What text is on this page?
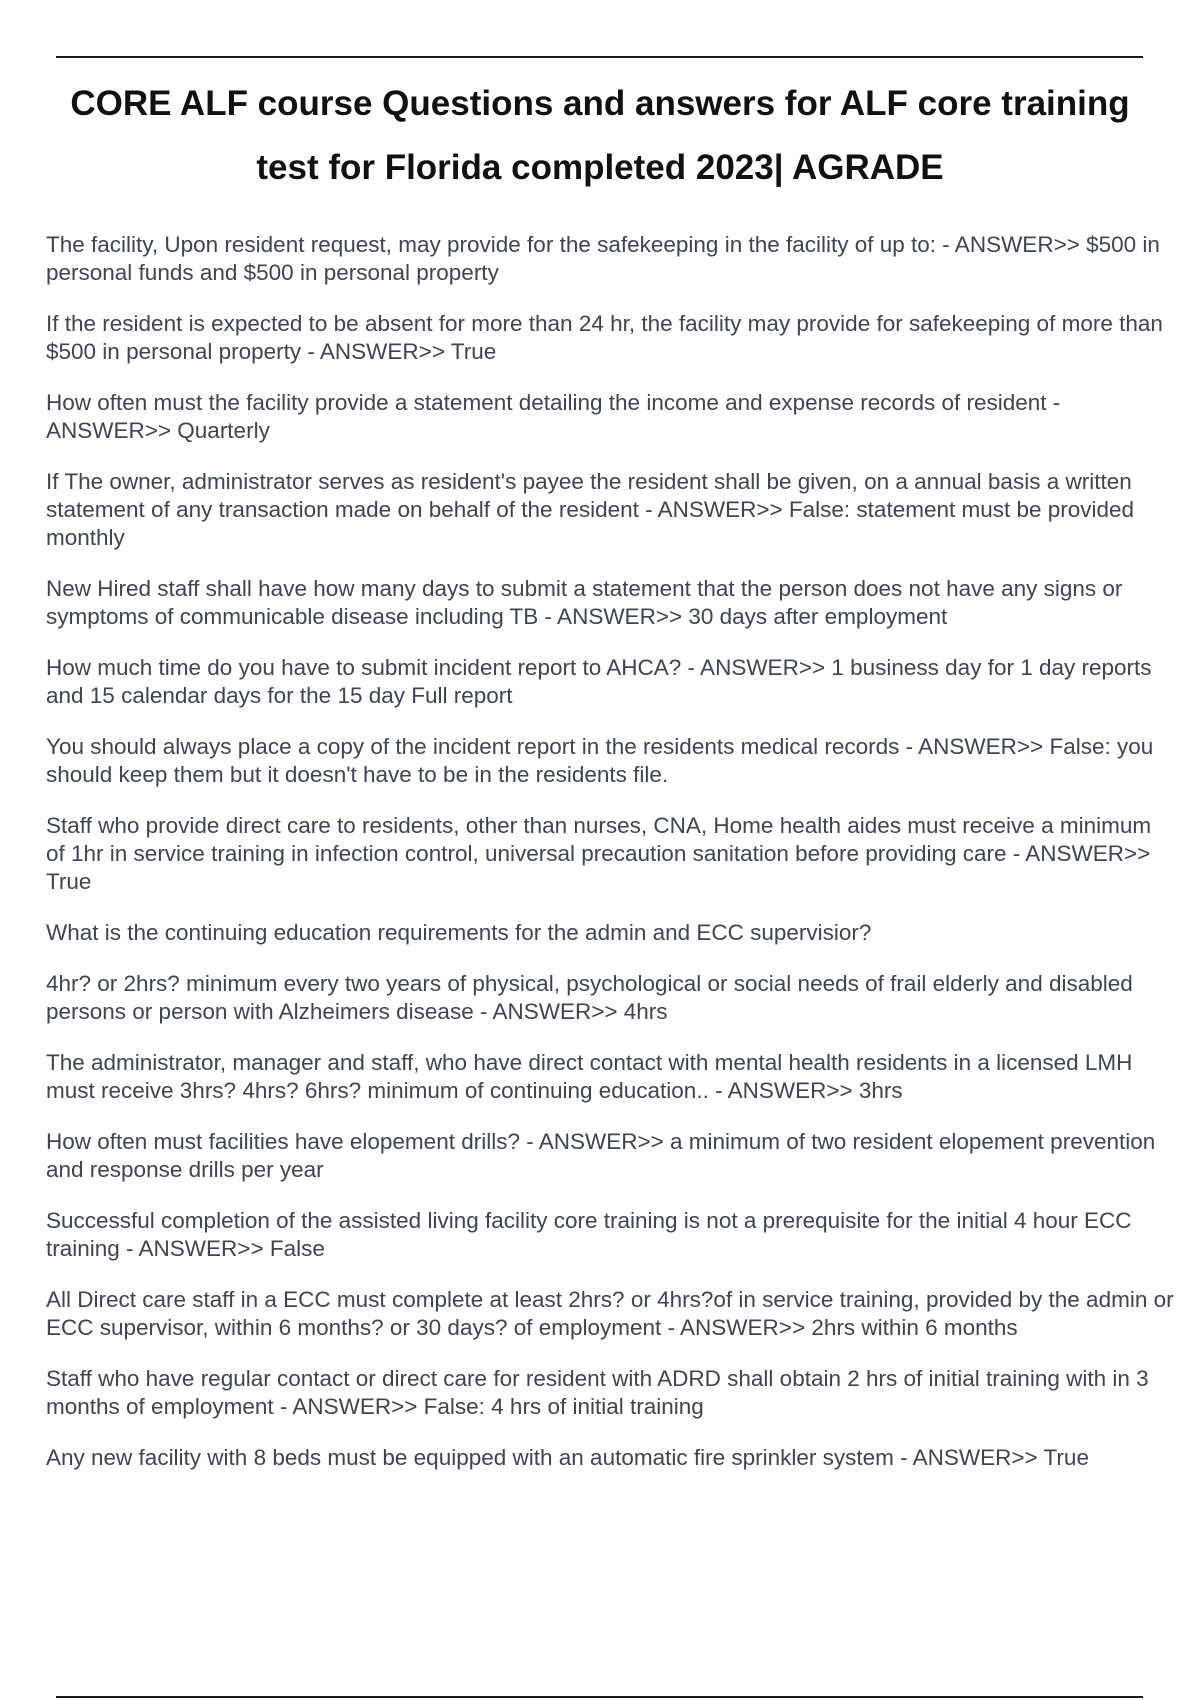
CORE ALF course Questions and answers for ALF core training test for Florida completed 2023| AGRADE
The facility, Upon resident request, may provide for the safekeeping in the facility of up to: - ANSWER>> $500 in personal funds and $500 in personal property
If the resident is expected to be absent for more than 24 hr, the facility may provide for safekeeping of more than $500 in personal property - ANSWER>> True
How often must the facility provide a statement detailing the income and expense records of resident - ANSWER>> Quarterly
If The owner, administrator serves as resident's payee the resident shall be given, on a annual basis a written statement of any transaction made on behalf of the resident - ANSWER>> False: statement must be provided monthly
New Hired staff shall have how many days to submit a statement that the person does not have any signs or symptoms of communicable disease including TB - ANSWER>> 30 days after employment
How much time do you have to submit incident report to AHCA? - ANSWER>> 1 business day for 1 day reports and 15 calendar days for the 15 day Full report
You should always place a copy of the incident report in the residents medical records - ANSWER>> False: you should keep them but it doesn't have to be in the residents file.
Staff who provide direct care to residents, other than nurses, CNA, Home health aides must receive a minimum of 1hr in service training in infection control, universal precaution sanitation before providing care - ANSWER>> True
What is the continuing education requirements for the admin and ECC supervisior?
4hr? or 2hrs? minimum every two years of physical, psychological or social needs of frail elderly and disabled persons or person with Alzheimers disease - ANSWER>> 4hrs
The administrator, manager and staff, who have direct contact with mental health residents in a licensed LMH must receive 3hrs? 4hrs? 6hrs? minimum of continuing education.. - ANSWER>> 3hrs
How often must facilities have elopement drills? - ANSWER>> a minimum of two resident elopement prevention and response drills per year
Successful completion of the assisted living facility core training is not a prerequisite for the initial 4 hour ECC training - ANSWER>> False
All Direct care staff in a ECC must complete at least 2hrs? or 4hrs?of in service training, provided by the admin or ECC supervisor, within 6 months? or 30 days? of employment - ANSWER>> 2hrs within 6 months
Staff who have regular contact or direct care for resident with ADRD shall obtain 2 hrs of initial training with in 3 months of employment - ANSWER>> False: 4 hrs of initial training
Any new facility with 8 beds must be equipped with an automatic fire sprinkler system - ANSWER>> True
